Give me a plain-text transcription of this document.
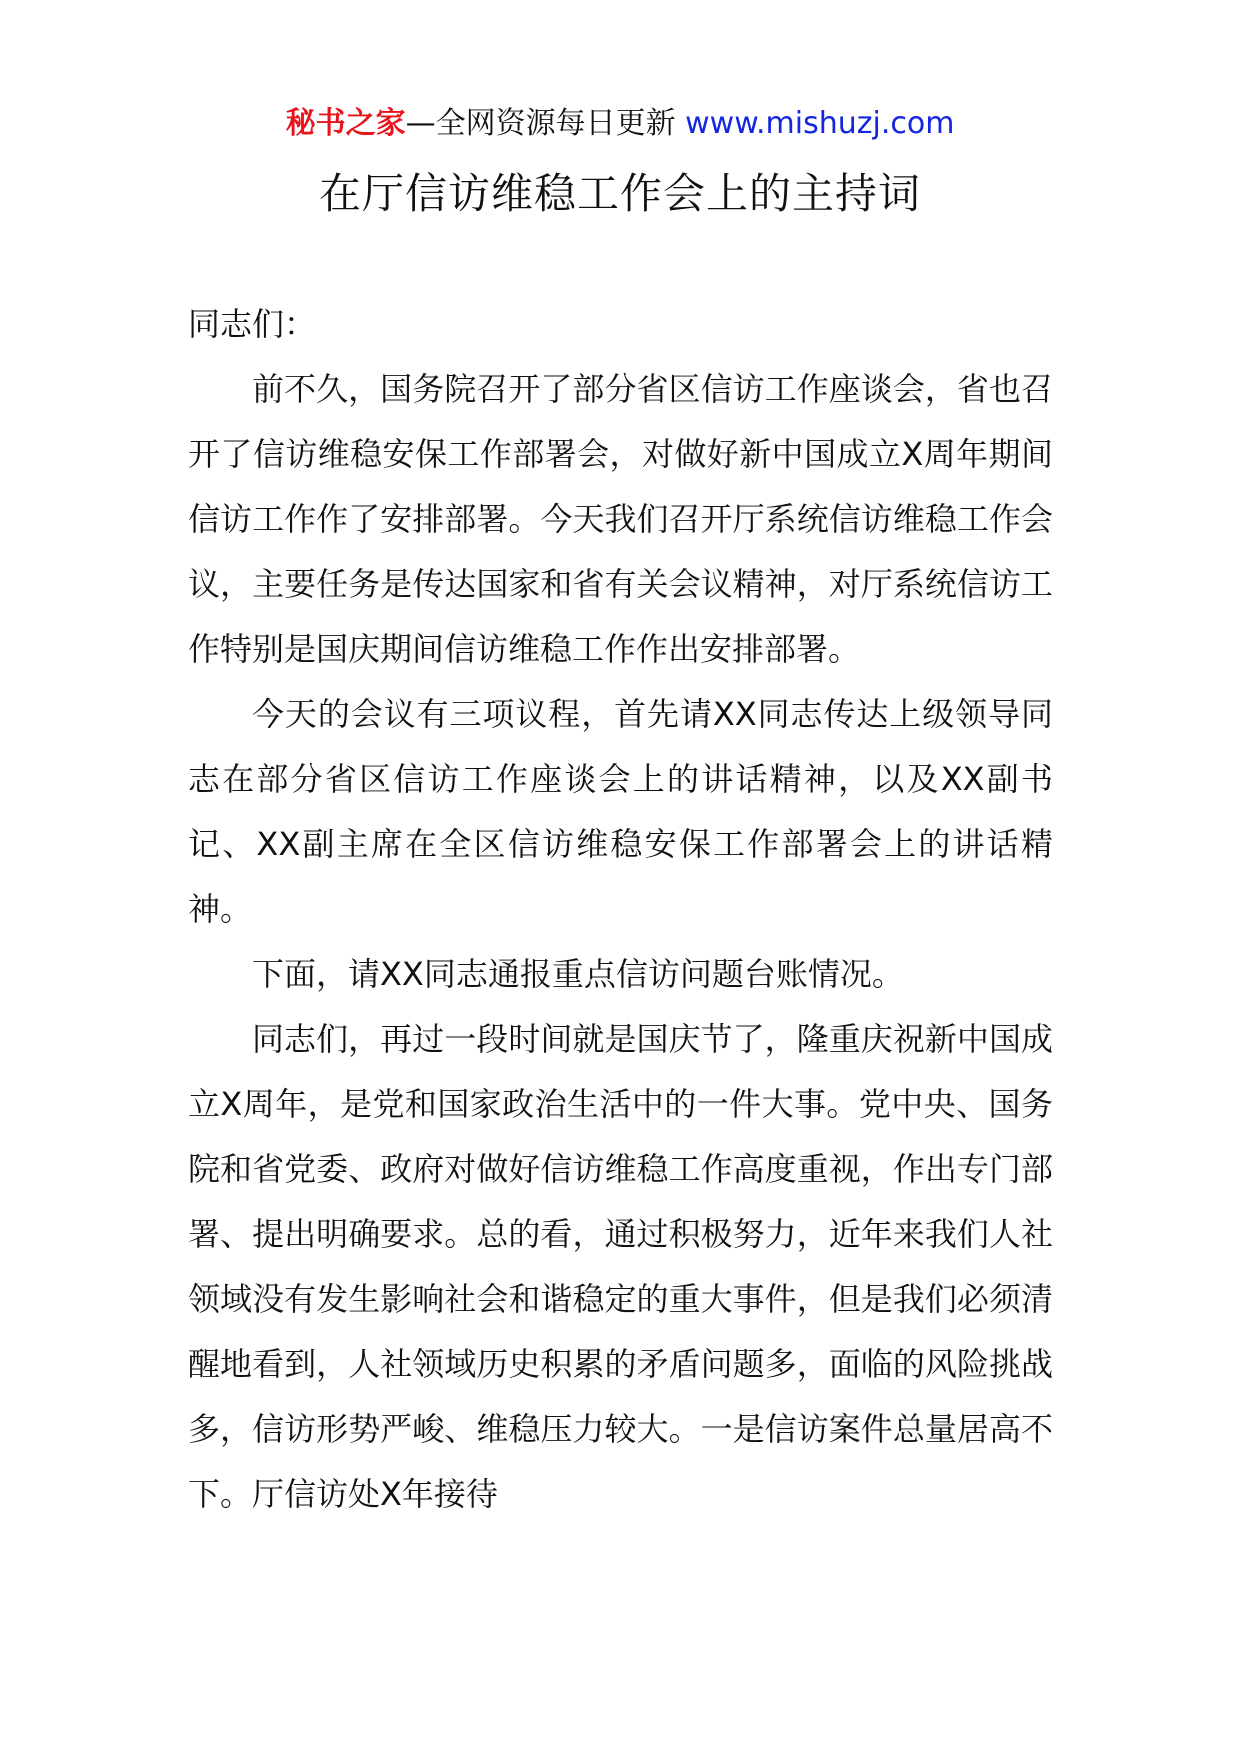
秘书之家—全网资源每日更新 www.mishuzj.com
在厅信访维稳工作会上的主持词

同志们：

前不久，国务院召开了部分省区信访工作座谈会，省也召开了信访维稳安保工作部署会，对做好新中国成立X周年期间信访工作作了安排部署。今天我们召开厅系统信访维稳工作会议，主要任务是传达国家和省有关会议精神，对厅系统信访工作特别是国庆期间信访维稳工作作出安排部署。

今天的会议有三项议程，首先请XX同志传达上级领导同志在部分省区信访工作座谈会上的讲话精神，以及XX副书记、XX副主席在全区信访维稳安保工作部署会上的讲话精神。

下面，请XX同志通报重点信访问题台账情况。

同志们，再过一段时间就是国庆节了，隆重庆祝新中国成立X周年，是党和国家政治生活中的一件大事。党中央、国务院和省党委、政府对做好信访维稳工作高度重视，作出专门部署、提出明确要求。总的看，通过积极努力，近年来我们人社领域没有发生影响社会和谐稳定的重大事件，但是我们必须清醒地看到，人社领域历史积累的矛盾问题多，面临的风险挑战多，信访形势严峻、维稳压力较大。一是信访案件总量居高不下。厅信访处X年接待
